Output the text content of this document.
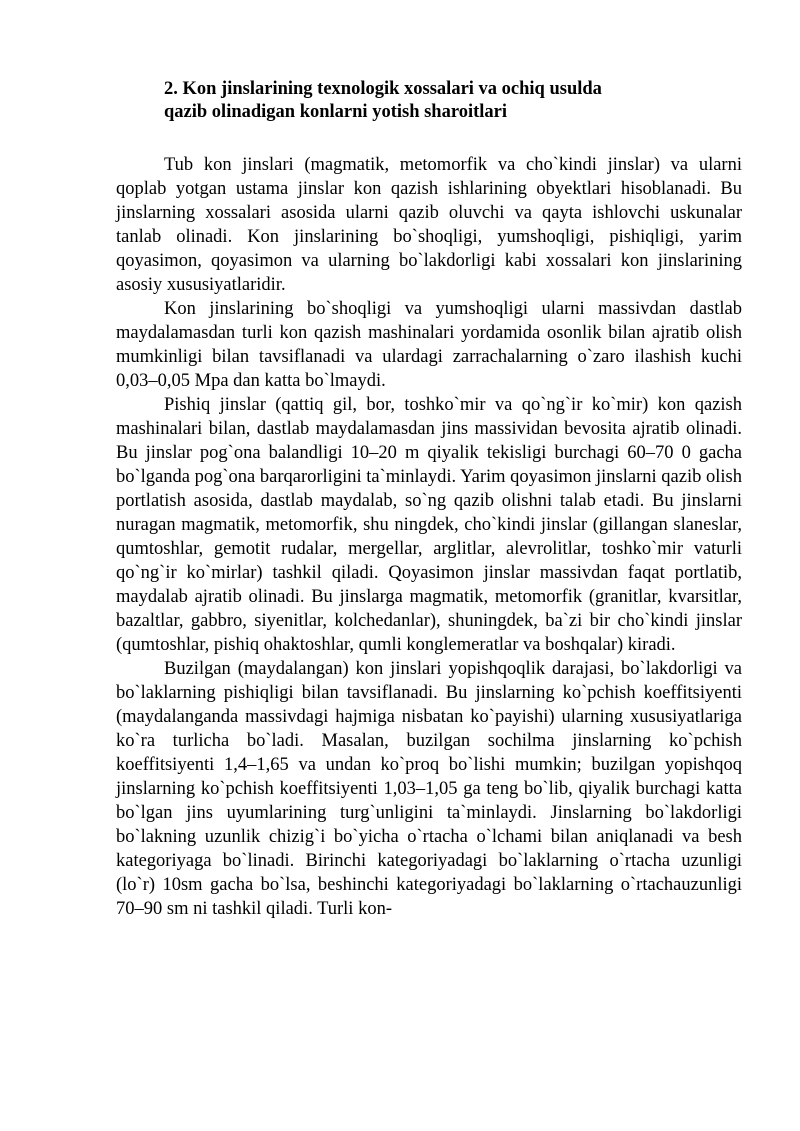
2. Kon jinslarining texnologik xossalari va ochiq usulda
qazib olinadigan konlarni yotish sharoitlari

Tub kon jinslari (magmatik, metomorfik va cho`kindi jinslar) va ularni qoplab yotgan ustama jinslar kon qazish ishlarining obyektlari hisoblanadi. Bu jinslarning xossalari asosida ularni qazib oluvchi va qayta ishlovchi uskunalar tanlab olinadi. Kon jinslarining bo`shoqligi, yumshoqligi, pishiqligi, yarim qoyasimon, qoyasimon va ularning bo`lakdorligi kabi xossalari kon jinslarining asosiy xususiyatlaridir.

Kon jinslarining bo`shoqligi va yumshoqligi ularni massivdan dastlab maydalamasdan turli kon qazish mashinalari yordamida osonlik bilan ajratib olish mumkinligi bilan tavsiflanadi va ulardagi zarrachalarning o`zaro ilashish kuchi 0,03–0,05 Mpa dan katta bo`lmaydi.

Pishiq jinslar (qattiq gil, bor, toshko`mir va qo`ng`ir ko`mir) kon qazish mashinalari bilan, dastlab maydalamasdan jins massividan bevosita ajratib olinadi. Bu jinslar pog`ona balandligi 10–20 m qiyalik tekisligi burchagi 60–70 0 gacha bo`lganda pog`ona barqarorligini ta`minlaydi. Yarim qoyasimon jinslarni qazib olish portlatish asosida, dastlab maydalab, so`ng qazib olishni talab etadi. Bu jinslarni nuragan magmatik, metomorfik, shu ningdek, cho`kindi jinslar (gillangan slaneslar, qumtoshlar, gemotit rudalar, mergellar, arglitlar, alevrolitlar, toshko`mir vaturli qo`ng`ir ko`mirlar) tashkil qiladi. Qoyasimon jinslar massivdan faqat portlatib, maydalab ajratib olinadi. Bu jinslarga magmatik, metomorfik (granitlar, kvarsitlar, bazaltlar, gabbro, siyenitlar, kolchedanlar), shuningdek, ba`zi bir cho`kindi jinslar (qumtoshlar, pishiq ohaktoshlar, qumli konglemeratlar va boshqalar) kiradi.

Buzilgan (maydalangan) kon jinslari yopishqoqlik darajasi, bo`lakdorligi va bo`laklarning pishiqligi bilan tavsiflanadi. Bu jinslarning ko`pchish koeffitsiyenti (maydalanganda massivdagi hajmiga nisbatan ko`payishi) ularning xususiyatlariga ko`ra turlicha bo`ladi. Masalan, buzilgan sochilma jinslarning ko`pchish koeffitsiyenti 1,4–1,65 va undan ko`proq bo`lishi mumkin; buzilgan yopishqoq jinslarning ko`pchish koeffitsiyenti 1,03–1,05 ga teng bo`lib, qiyalik burchagi katta bo`lgan jins uyumlarining turg`unligini ta`minlaydi. Jinslarning bo`lakdorligi bo`lakning uzunlik chizig`i bo`yicha o`rtacha o`lchami bilan aniqlanadi va besh kategoriyaga bo`linadi. Birinchi kategoriyadagi bo`laklarning o`rtacha uzunligi (lo`r) 10sm gacha bo`lsa, beshinchi kategoriyadagi bo`laklarning o`rtachauzunligi 70–90 sm ni tashkil qiladi. Turli kon-
